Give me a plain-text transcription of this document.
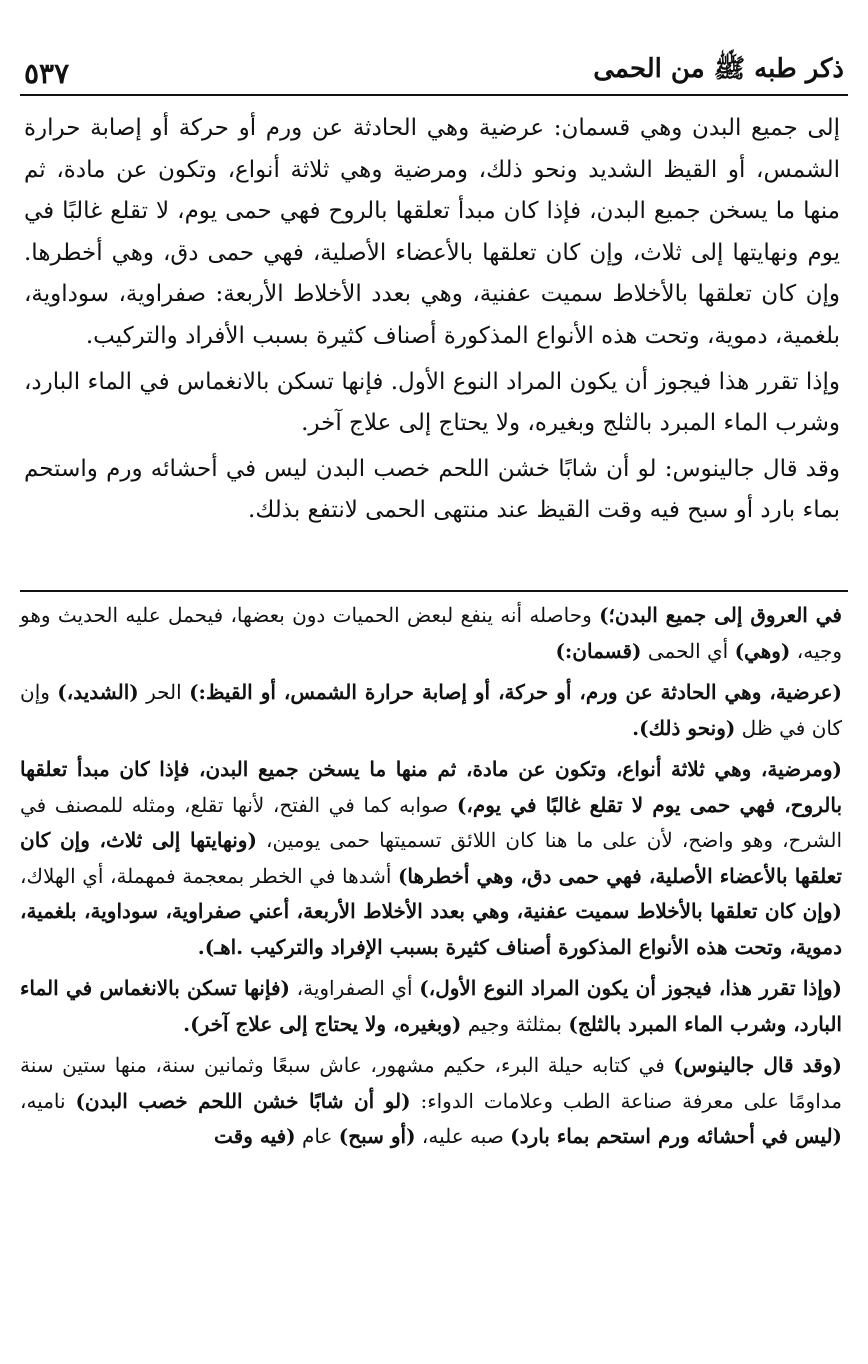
ذكر طبه ﷺ من الحمى
٥٣٧

إلى جميع البدن وهي قسمان: عرضية وهي الحادثة عن ورم أو حركة أو إصابة حرارة الشمس، أو القيظ الشديد ونحو ذلك، ومرضية وهي ثلاثة أنواع، وتكون عن مادة، ثم منها ما يسخن جميع البدن، فإذا كان مبدأ تعلقها بالروح فهي حمى يوم، لا تقلع غالبًا في يوم ونهايتها إلى ثلاث، وإن كان تعلقها بالأعضاء الأصلية، فهي حمى دق، وهي أخطرها. وإن كان تعلقها بالأخلاط سميت عفنية، وهي بعدد الأخلاط الأربعة: صفراوية، سوداوية، بلغمية، دموية، وتحت هذه الأنواع المذكورة أصناف كثيرة بسبب الأفراد والتركيب.

وإذا تقرر هذا فيجوز أن يكون المراد النوع الأول. فإنها تسكن بالانغماس في الماء البارد، وشرب الماء المبرد بالثلج وبغيره، ولا يحتاج إلى علاج آخر.

وقد قال جالينوس: لو أن شابًا خشن اللحم خصب البدن ليس في أحشائه ورم واستحم بماء بارد أو سبح فيه وقت القيظ عند منتهى الحمى لانتفع بذلك.

في العروق إلى جميع البدن؛) وحاصله أنه ينفع لبعض الحميات دون بعضها، فيحمل عليه الحديث وهو وجيه، (وهي) أي الحمى (قسمان:)

(عرضية، وهي الحادثة عن ورم، أو حركة، أو إصابة حرارة الشمس، أو القيظ:) الحر (الشديد،) وإن كان في ظل (ونحو ذلك).

(ومرضية، وهي ثلاثة أنواع، وتكون عن مادة، ثم منها ما يسخن جميع البدن، فإذا كان مبدأ تعلقها بالروح، فهي حمى يوم لا تقلع غالبًا في يوم،) صوابه كما في الفتح، لأنها تقلع، ومثله للمصنف في الشرح، وهو واضح، لأن على ما هنا كان اللائق تسميتها حمى يومين، (ونهايتها إلى ثلاث، وإن كان تعلقها بالأعضاء الأصلية، فهي حمى دق، وهي أخطرها) أشدها في الخطر بمعجمة فمهملة، أي الهلاك، (وإن كان تعلقها بالأخلاط سميت عفنية، وهي بعدد الأخلاط الأربعة، أعني صفراوية، سوداوية، بلغمية، دموية، وتحت هذه الأنواع المذكورة أصناف كثيرة بسبب الإفراد والتركيب .اهـ).

(وإذا تقرر هذا، فيجوز أن يكون المراد النوع الأول،) أي الصفراوية، (فإنها تسكن بالانغماس في الماء البارد، وشرب الماء المبرد بالثلج) بمثلثة وجيم (وبغيره، ولا يحتاج إلى علاج آخر).

(وقد قال جالينوس) في كتابه حيلة البرء، حكيم مشهور، عاش سبعًا وثمانين سنة، منها ستين سنة مداومًا على معرفة صناعة الطب وعلامات الدواء: (لو أن شابًا خشن اللحم خصب البدن) ناميه، (ليس في أحشائه ورم استحم بماء بارد) صبه عليه، (أو سبح) عام (فيه وقت
